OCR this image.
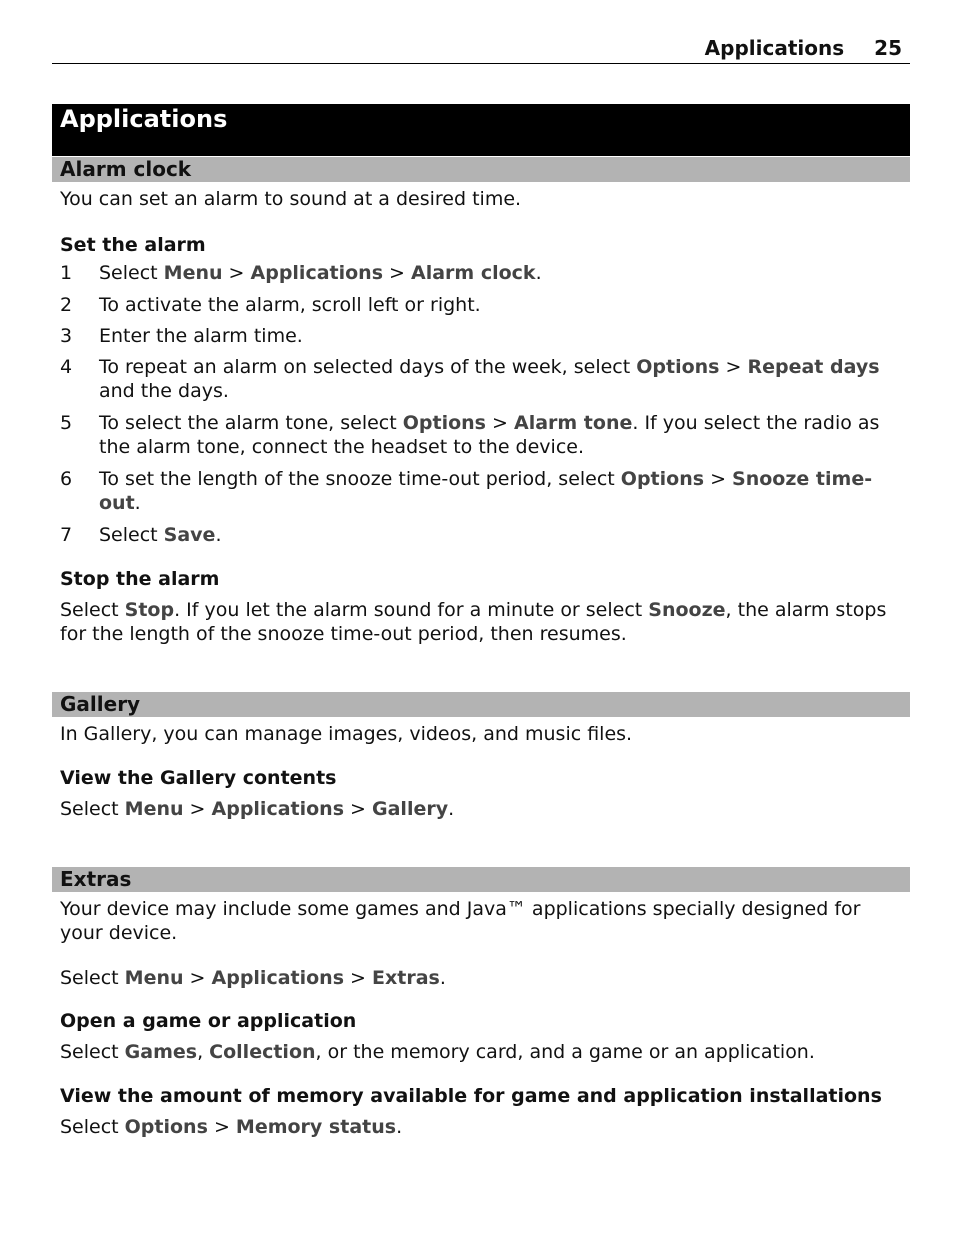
Applications 25
Applications
Alarm clock
You can set an alarm to sound at a desired time.
Set the alarm
1 Select Menu > Applications > Alarm clock.
2 To activate the alarm, scroll left or right.
3 Enter the alarm time.
4 To repeat an alarm on selected days of the week, select Options > Repeat days and the days.
5 To select the alarm tone, select Options > Alarm tone. If you select the radio as the alarm tone, connect the headset to the device.
6 To set the length of the snooze time-out period, select Options > Snooze time-out.
7 Select Save.
Stop the alarm
Select Stop. If you let the alarm sound for a minute or select Snooze, the alarm stops for the length of the snooze time-out period, then resumes.
Gallery
In Gallery, you can manage images, videos, and music files.
View the Gallery contents
Select Menu > Applications > Gallery.
Extras
Your device may include some games and Java™ applications specially designed for your device.
Select Menu > Applications > Extras.
Open a game or application
Select Games, Collection, or the memory card, and a game or an application.
View the amount of memory available for game and application installations
Select Options > Memory status.
